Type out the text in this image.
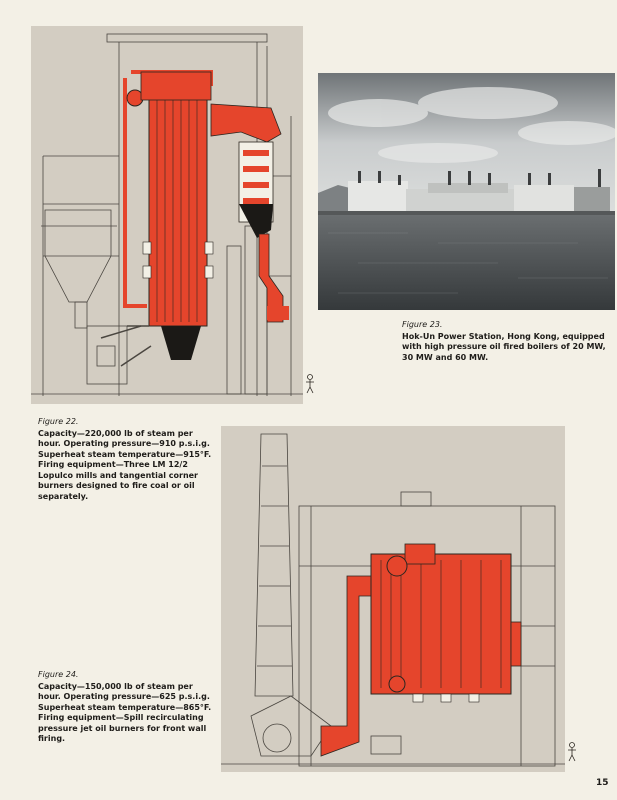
Figure 23.
Hok-Un Power Station, Hong Kong, equipped with high pressure oil fired boilers of 20 MW, 30 MW and 60 MW.
Figure 22.
Capacity—220,000 lb of steam per hour. Operating pressure—910 p.s.i.g. Superheat steam temperature—915°F. Firing equipment—Three LM 12/2 Lopulco mills and tangential corner burners designed to fire coal or oil separately.
Figure 24.
Capacity—150,000 lb of steam per hour. Operating pressure—625 p.s.i.g. Superheat steam temperature—865°F. Firing equipment—Spill recirculating pressure jet oil burners for front wall firing.
15
